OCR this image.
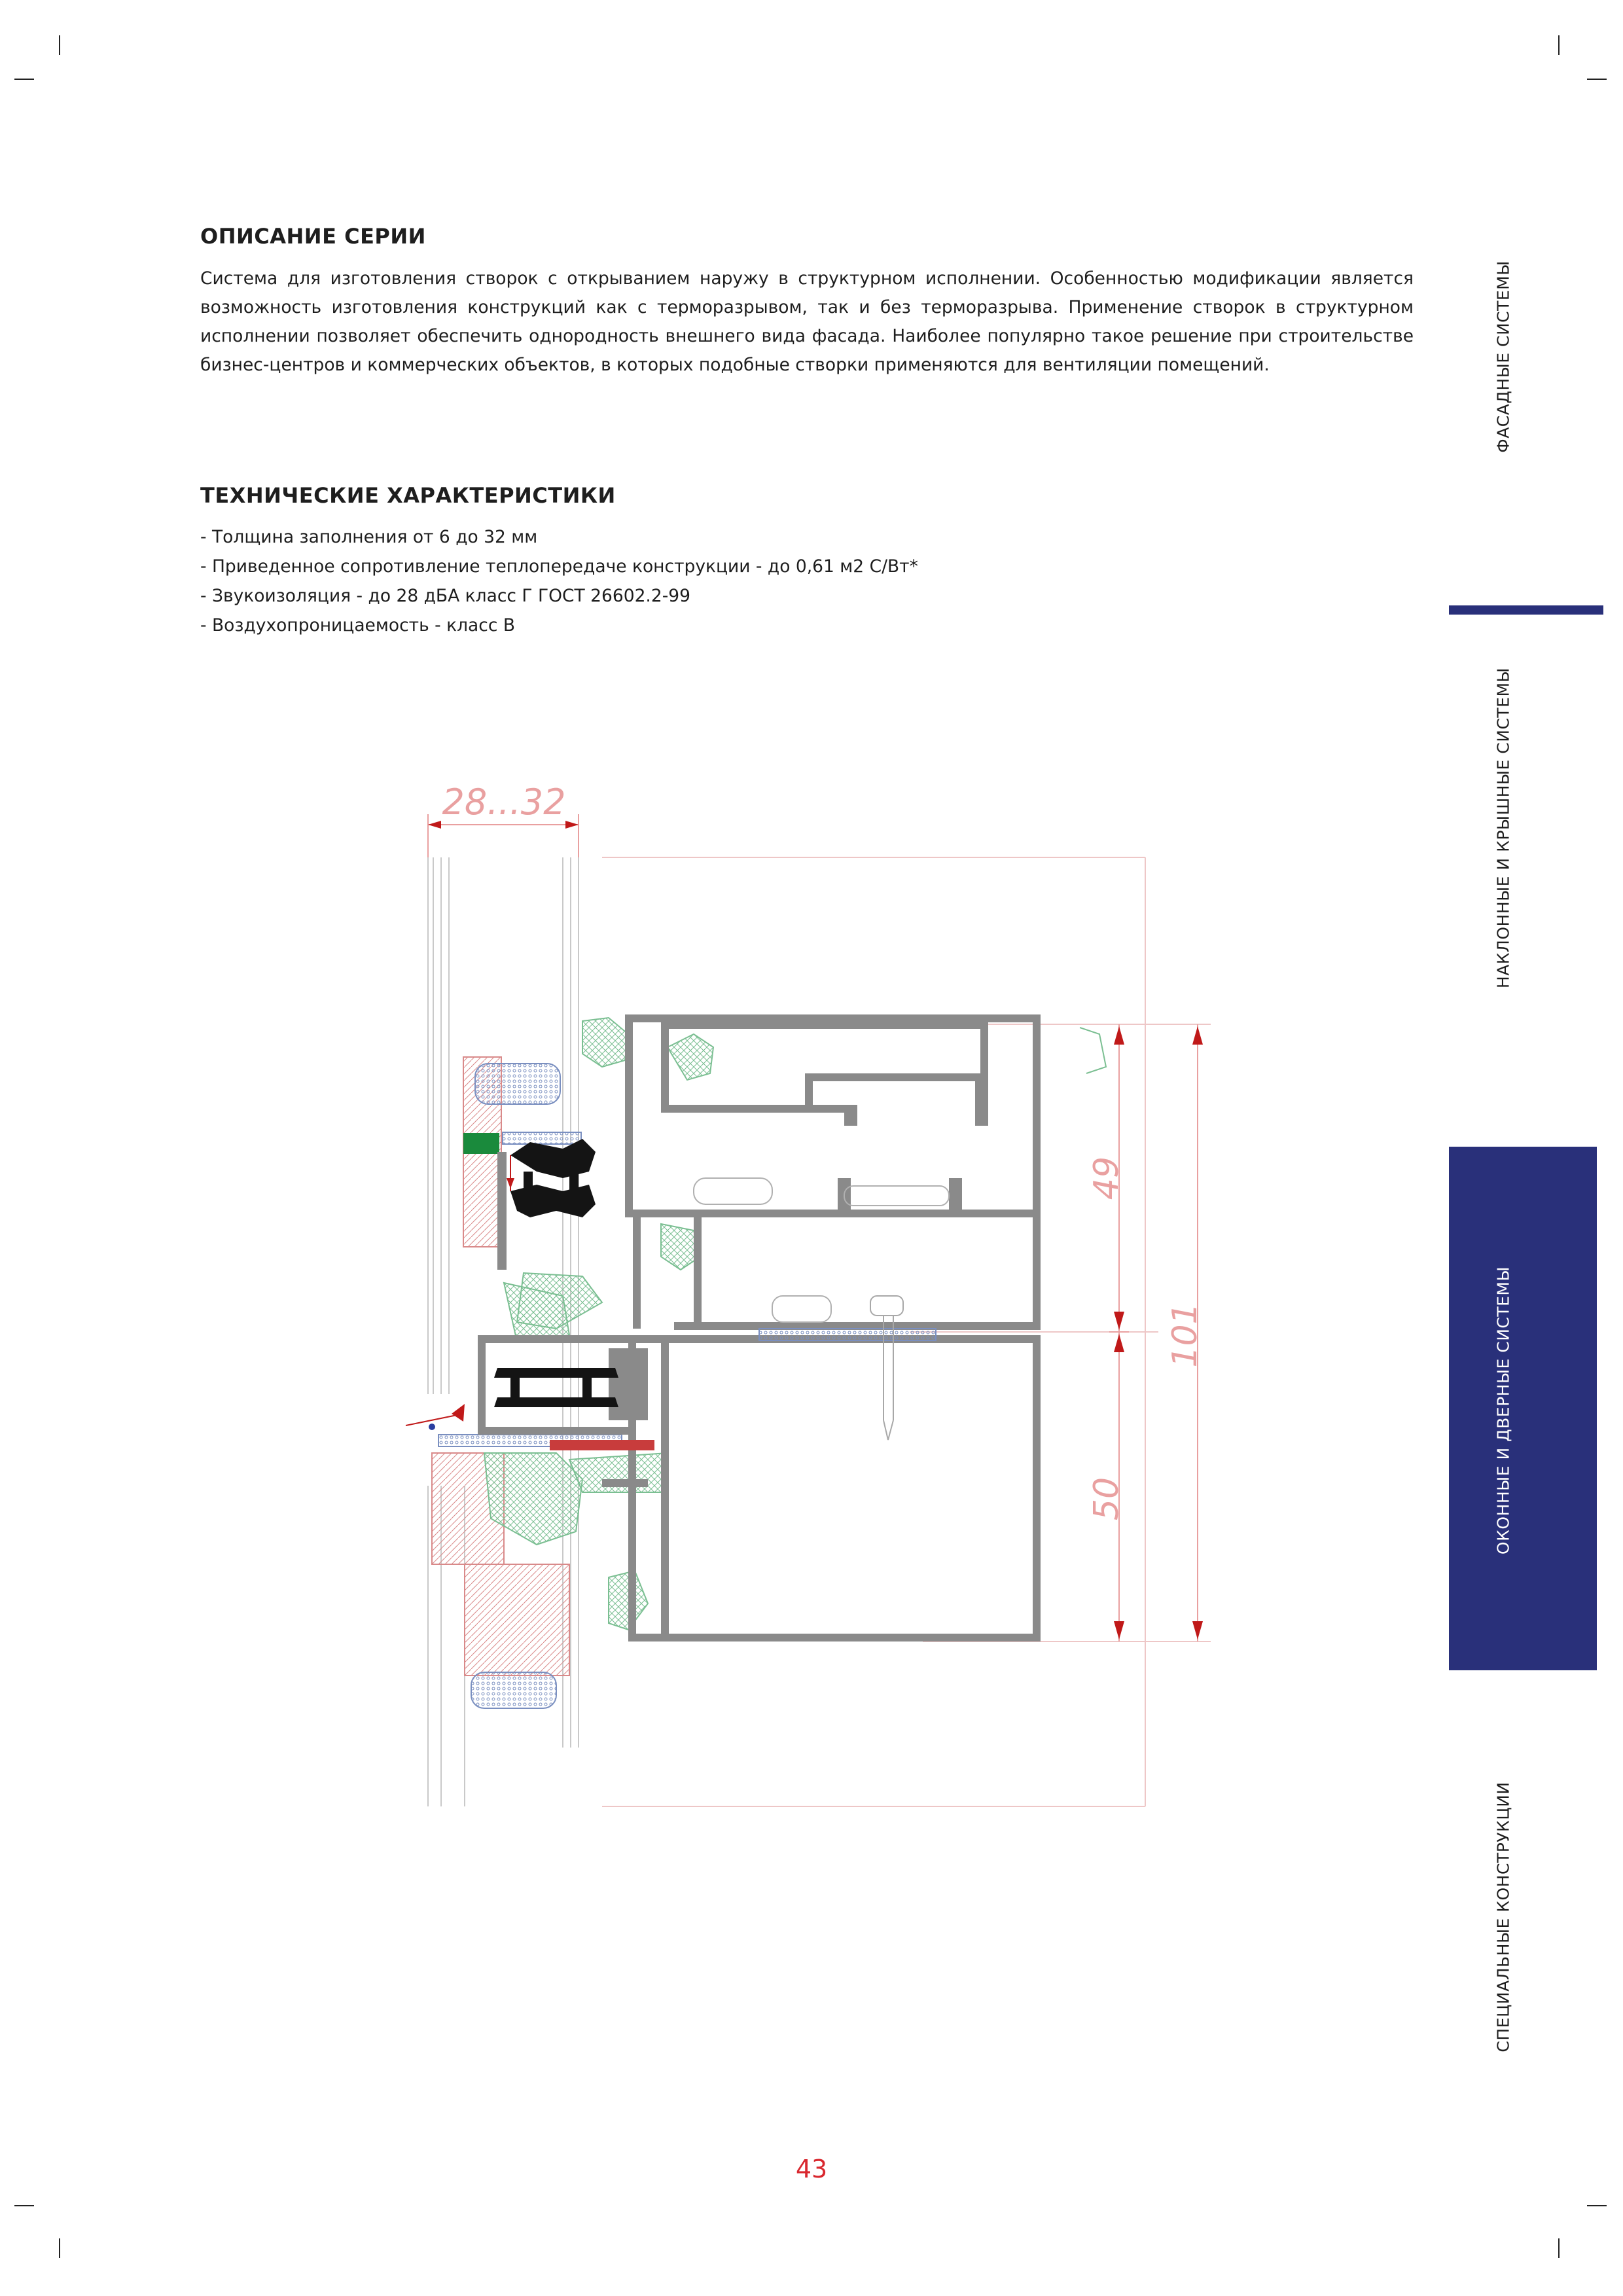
ОПИСАНИЕ СЕРИИ

Система для изготовления створок с открыванием наружу в структурном исполнении. Особенностью модификации является возможность изготовления конструкций как с терморазрывом, так и без терморазрыва. Применение створок в структурном исполнении позволяет обеспечить однородность внешнего вида фасада. Наиболее популярно такое решение при строительстве бизнес-центров и коммерческих объектов, в которых подобные створки применяются для вентиляции помещений.

ТЕХНИЧЕСКИЕ ХАРАКТЕРИСТИКИ
- Толщина заполнения от 6 до 32 мм
- Приведенное сопротивление теплопередаче конструкции - до 0,61 м2 С/Вт*
- Звукоизоляция - до 28 дБА класс Г ГОСТ 26602.2-99
- Воздухопроницаемость - класс В
ФАСАДНЫЕ СИСТЕМЫ
НАКЛОННЫЕ И КРЫШНЫЕ СИСТЕМЫ
ОКОННЫЕ И ДВЕРНЫЕ СИСТЕМЫ
СПЕЦИАЛЬНЫЕ КОНСТРУКЦИИ
28...32
49
50
101
43
